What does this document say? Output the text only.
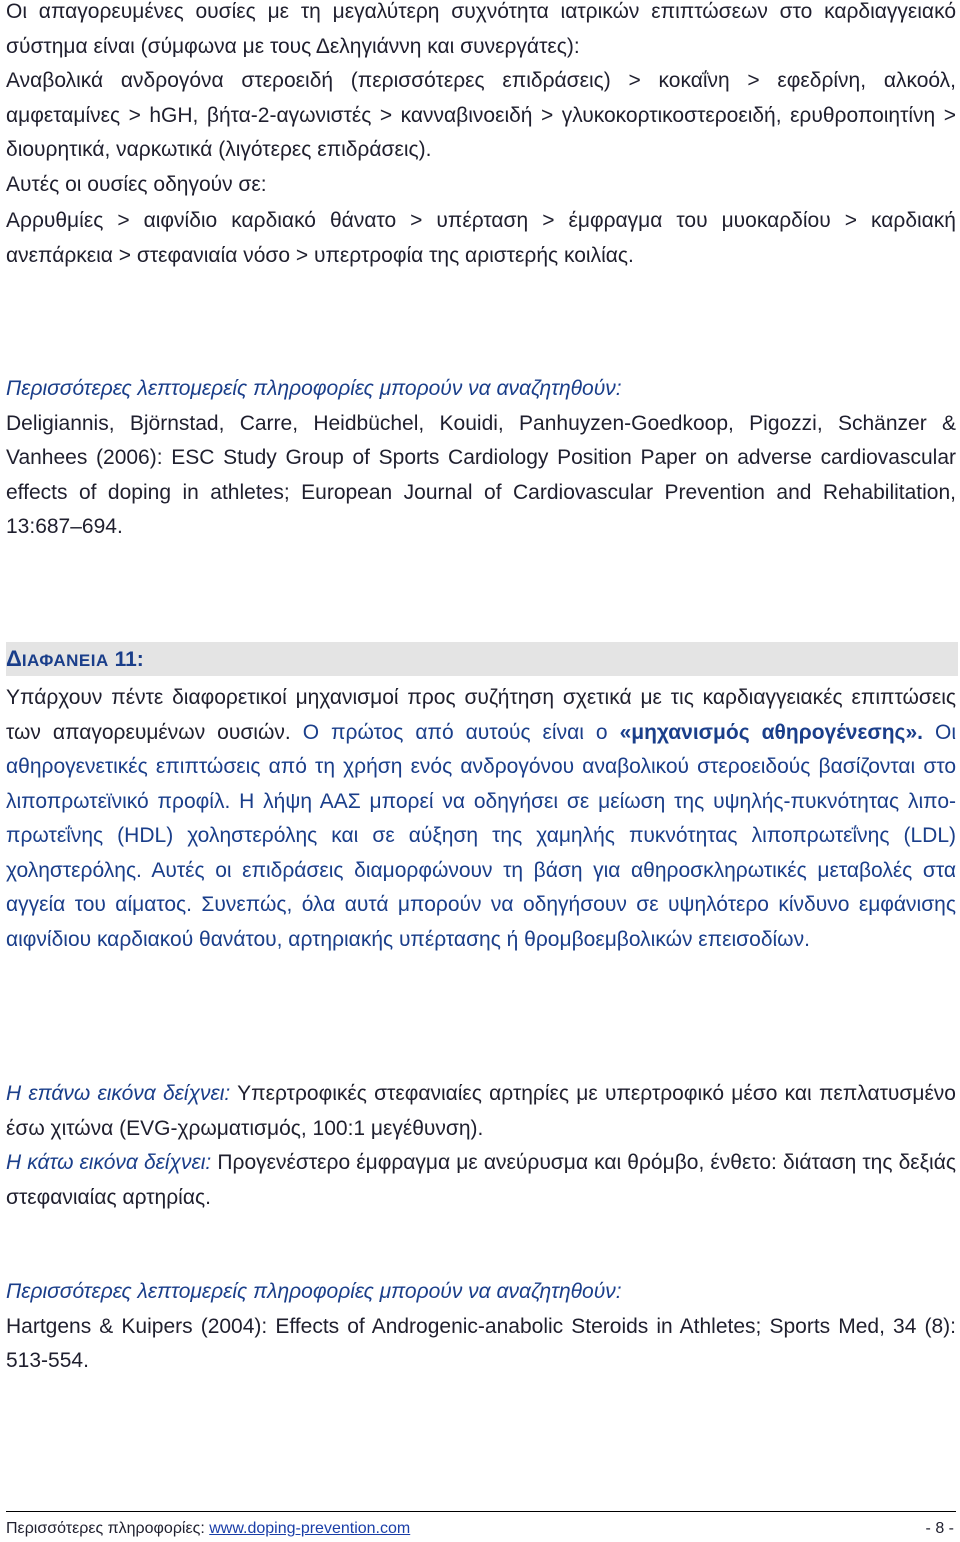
Οι απαγορευμένες ουσίες με τη μεγαλύτερη συχνότητα ιατρικών επιπτώσεων στο καρδιαγγειακό σύστημα είναι (σύμφωνα με τους Δεληγιάννη και συνεργάτες):

Αναβολικά ανδρογόνα στεροειδή (περισσότερες επιδράσεις) > κοκαΐνη > εφεδρίνη, αλκοόλ, αμφεταμίνες > hGH, βήτα-2-αγωνιστές > κανναβινοειδή > γλυκοκορτικοστεροειδή, ερυθροποιητίνη > διουρητικά, ναρκωτικά (λιγότερες επιδράσεις).

Αυτές οι ουσίες οδηγούν σε:

Αρρυθμίες > αιφνίδιο καρδιακό θάνατο > υπέρταση > έμφραγμα του μυοκαρδίου > καρδιακή ανεπάρκεια > στεφανιαία νόσο > υπερτροφία της αριστερής κοιλίας.

Περισσότερες λεπτομερείς πληροφορίες μπορούν να αναζητηθούν:

Deligiannis, Björnstad, Carre, Heidbüchel, Kouidi, Panhuyzen-Goedkoop, Pigozzi, Schänzer & Vanhees (2006): ESC Study Group of Sports Cardiology Position Paper on adverse cardiovascular effects of doping in athletes; European Journal of Cardiovascular Prevention and Rehabilitation, 13:687–694.

ΔΙΑΦΑΝΕΙΑ 11:

Υπάρχουν πέντε διαφορετικοί μηχανισμοί προς συζήτηση σχετικά με τις καρδιαγγειακές επιπτώσεις των απαγορευμένων ουσιών. Ο πρώτος από αυτούς είναι ο «μηχανισμός αθηρογένεσης». Οι αθηρογενετικές επιπτώσεις από τη χρήση ενός ανδρογόνου αναβολικού στεροειδούς βασίζονται στο λιποπρωτεϊνικό προφίλ. Η λήψη ΑΑΣ μπορεί να οδηγήσει σε μείωση της υψηλής-πυκνότητας λιποπρωτεΐνης (HDL) χοληστερόλης και σε αύξηση της χαμηλής πυκνότητας λιποπρωτεΐνης (LDL) χοληστερόλης. Αυτές οι επιδράσεις διαμορφώνουν τη βάση για αθηροσκληρωτικές μεταβολές στα αγγεία του αίματος. Συνεπώς, όλα αυτά μπορούν να οδηγήσουν σε υψηλότερο κίνδυνο εμφάνισης αιφνίδιου καρδιακού θανάτου, αρτηριακής υπέρτασης ή θρομβοεμβολικών επεισοδίων.

Η επάνω εικόνα δείχνει: Υπερτροφικές στεφανιαίες αρτηρίες με υπερτροφικό μέσο και πεπλατυσμένο έσω χιτώνα (EVG-χρωματισμός, 100:1 μεγέθυνση).

Η κάτω εικόνα δείχνει: Προγενέστερο έμφραγμα με ανεύρυσμα και θρόμβο, ένθετο: διάταση της δεξιάς στεφανιαίας αρτηρίας.

Περισσότερες λεπτομερείς πληροφορίες μπορούν να αναζητηθούν:

Hartgens & Kuipers (2004): Effects of Androgenic-anabolic Steroids in Athletes; Sports Med, 34 (8): 513-554.

Περισσότερες πληροφορίες: www.doping-prevention.com	- 8 -
